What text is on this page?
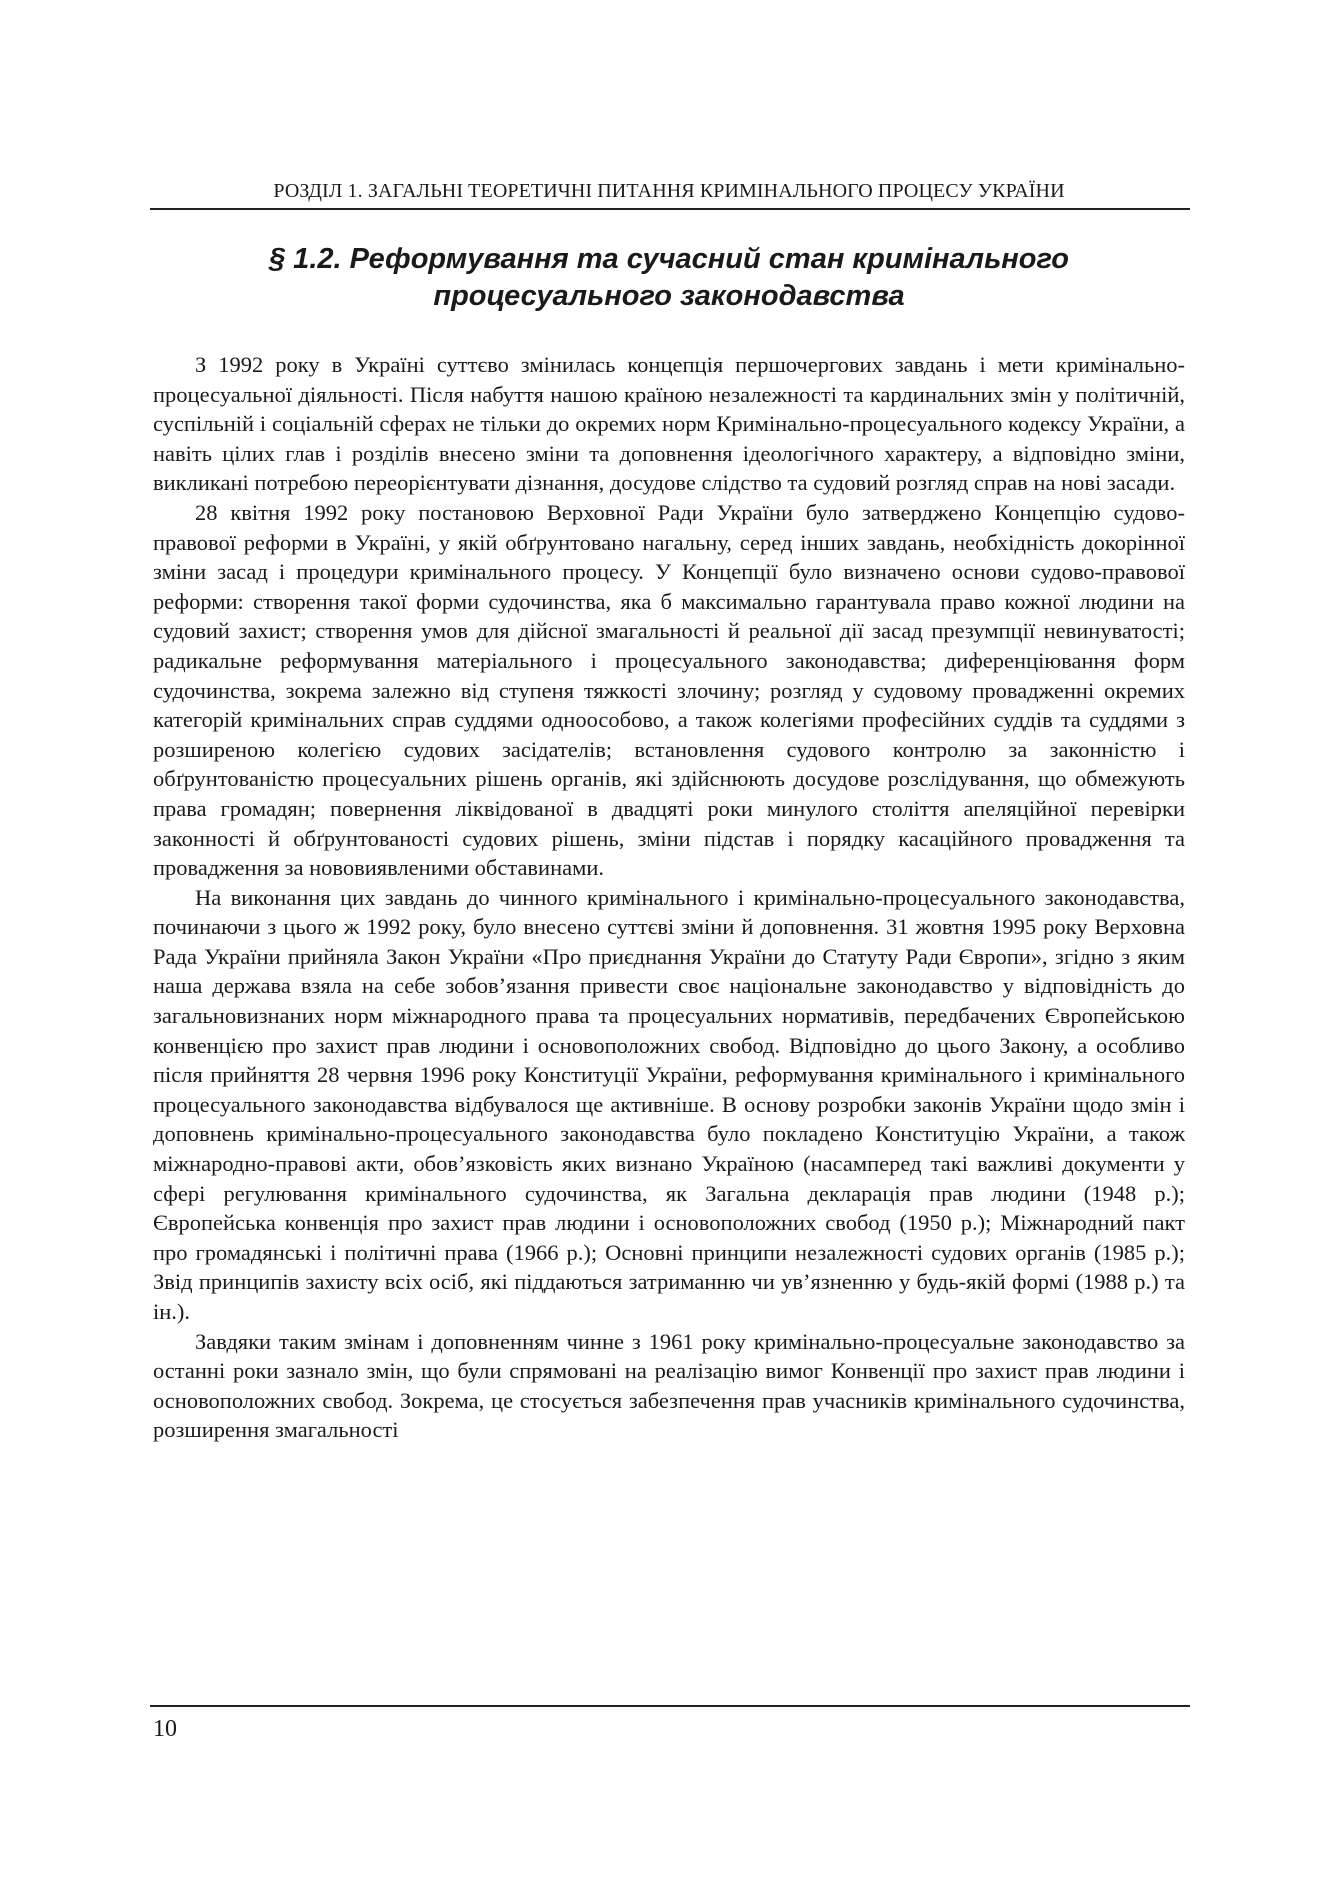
РОЗДІЛ 1. ЗАГАЛЬНІ ТЕОРЕТИЧНІ ПИТАННЯ КРИМІНАЛЬНОГО ПРОЦЕСУ УКРАЇНИ
§ 1.2. Реформування та сучасний стан кримінального
процесуального законодавства

З 1992 року в Україні суттєво змінилась концепція першочергових завдань і мети кримінально-процесуальної діяльності. Після набуття нашою країною незалежності та кардинальних змін у політичній, суспільній і соціальній сферах не тільки до окремих норм Кримінально-процесуального кодексу України, а навіть цілих глав і розділів внесено зміни та доповнення ідеологічного характеру, а відповідно зміни, викликані потребою переорієнтувати дізнання, досудове слідство та судовий розгляд справ на нові засади.

28 квітня 1992 року постановою Верховної Ради України було затверджено Концепцію судово-правової реформи в Україні, у якій обґрунтовано нагальну, серед інших завдань, необхідність докорінної зміни засад і процедури кримінального процесу. У Концепції було визначено основи судово-правової реформи: створення такої форми судочинства, яка б максимально гарантувала право кожної людини на судовий захист; створення умов для дійсної змагальності й реальної дії засад презумпції невинуватості; радикальне реформування матеріального і процесуального законодавства; диференціювання форм судочинства, зокрема залежно від ступеня тяжкості злочину; розгляд у судовому провадженні окремих категорій кримінальних справ суддями одноособово, а також колегіями професійних суддів та суддями з розширеною колегією судових засідателів; встановлення судового контролю за законністю і обґрунтованістю процесуальних рішень органів, які здійснюють досудове розслідування, що обмежують права громадян; повернення ліквідованої в двадцяті роки минулого століття апеляційної перевірки законності й обґрунтованості судових рішень, зміни підстав і порядку касаційного провадження та провадження за нововиявленими обставинами.

На виконання цих завдань до чинного кримінального і кримінально-процесуального законодавства, починаючи з цього ж 1992 року, було внесено суттєві зміни й доповнення. 31 жовтня 1995 року Верховна Рада України прийняла Закон України «Про приєднання України до Статуту Ради Європи», згідно з яким наша держава взяла на себе зобов’язання привести своє національне законодавство у відповідність до загальновизнаних норм міжнародного права та процесуальних нормативів, передбачених Європейською конвенцією про захист прав людини і основоположних свобод. Відповідно до цього Закону, а особливо після прийняття 28 червня 1996 року Конституції України, реформування кримінального і кримінального процесуального законодавства відбувалося ще активніше. В основу розробки законів України щодо змін і доповнень кримінально-процесуального законодавства було покладено Конституцію України, а також міжнародно-правові акти, обов’язковість яких визнано Україною (насамперед такі важливі документи у сфері регулювання кримінального судочинства, як Загальна декларація прав людини (1948 р.); Європейська конвенція про захист прав людини і основоположних свобод (1950 р.); Міжнародний пакт про громадянські і політичні права (1966 р.); Основні принципи незалежності судових органів (1985 р.); Звід принципів захисту всіх осіб, які піддаються затриманню чи ув’язненню у будь-якій формі (1988 р.) та ін.).

Завдяки таким змінам і доповненням чинне з 1961 року кримінально-процесуальне законодавство за останні роки зазнало змін, що були спрямовані на реалізацію вимог Конвенції про захист прав людини і основоположних свобод. Зокрема, це стосується забезпечення прав учасників кримінального судочинства, розширення змагальності

10
